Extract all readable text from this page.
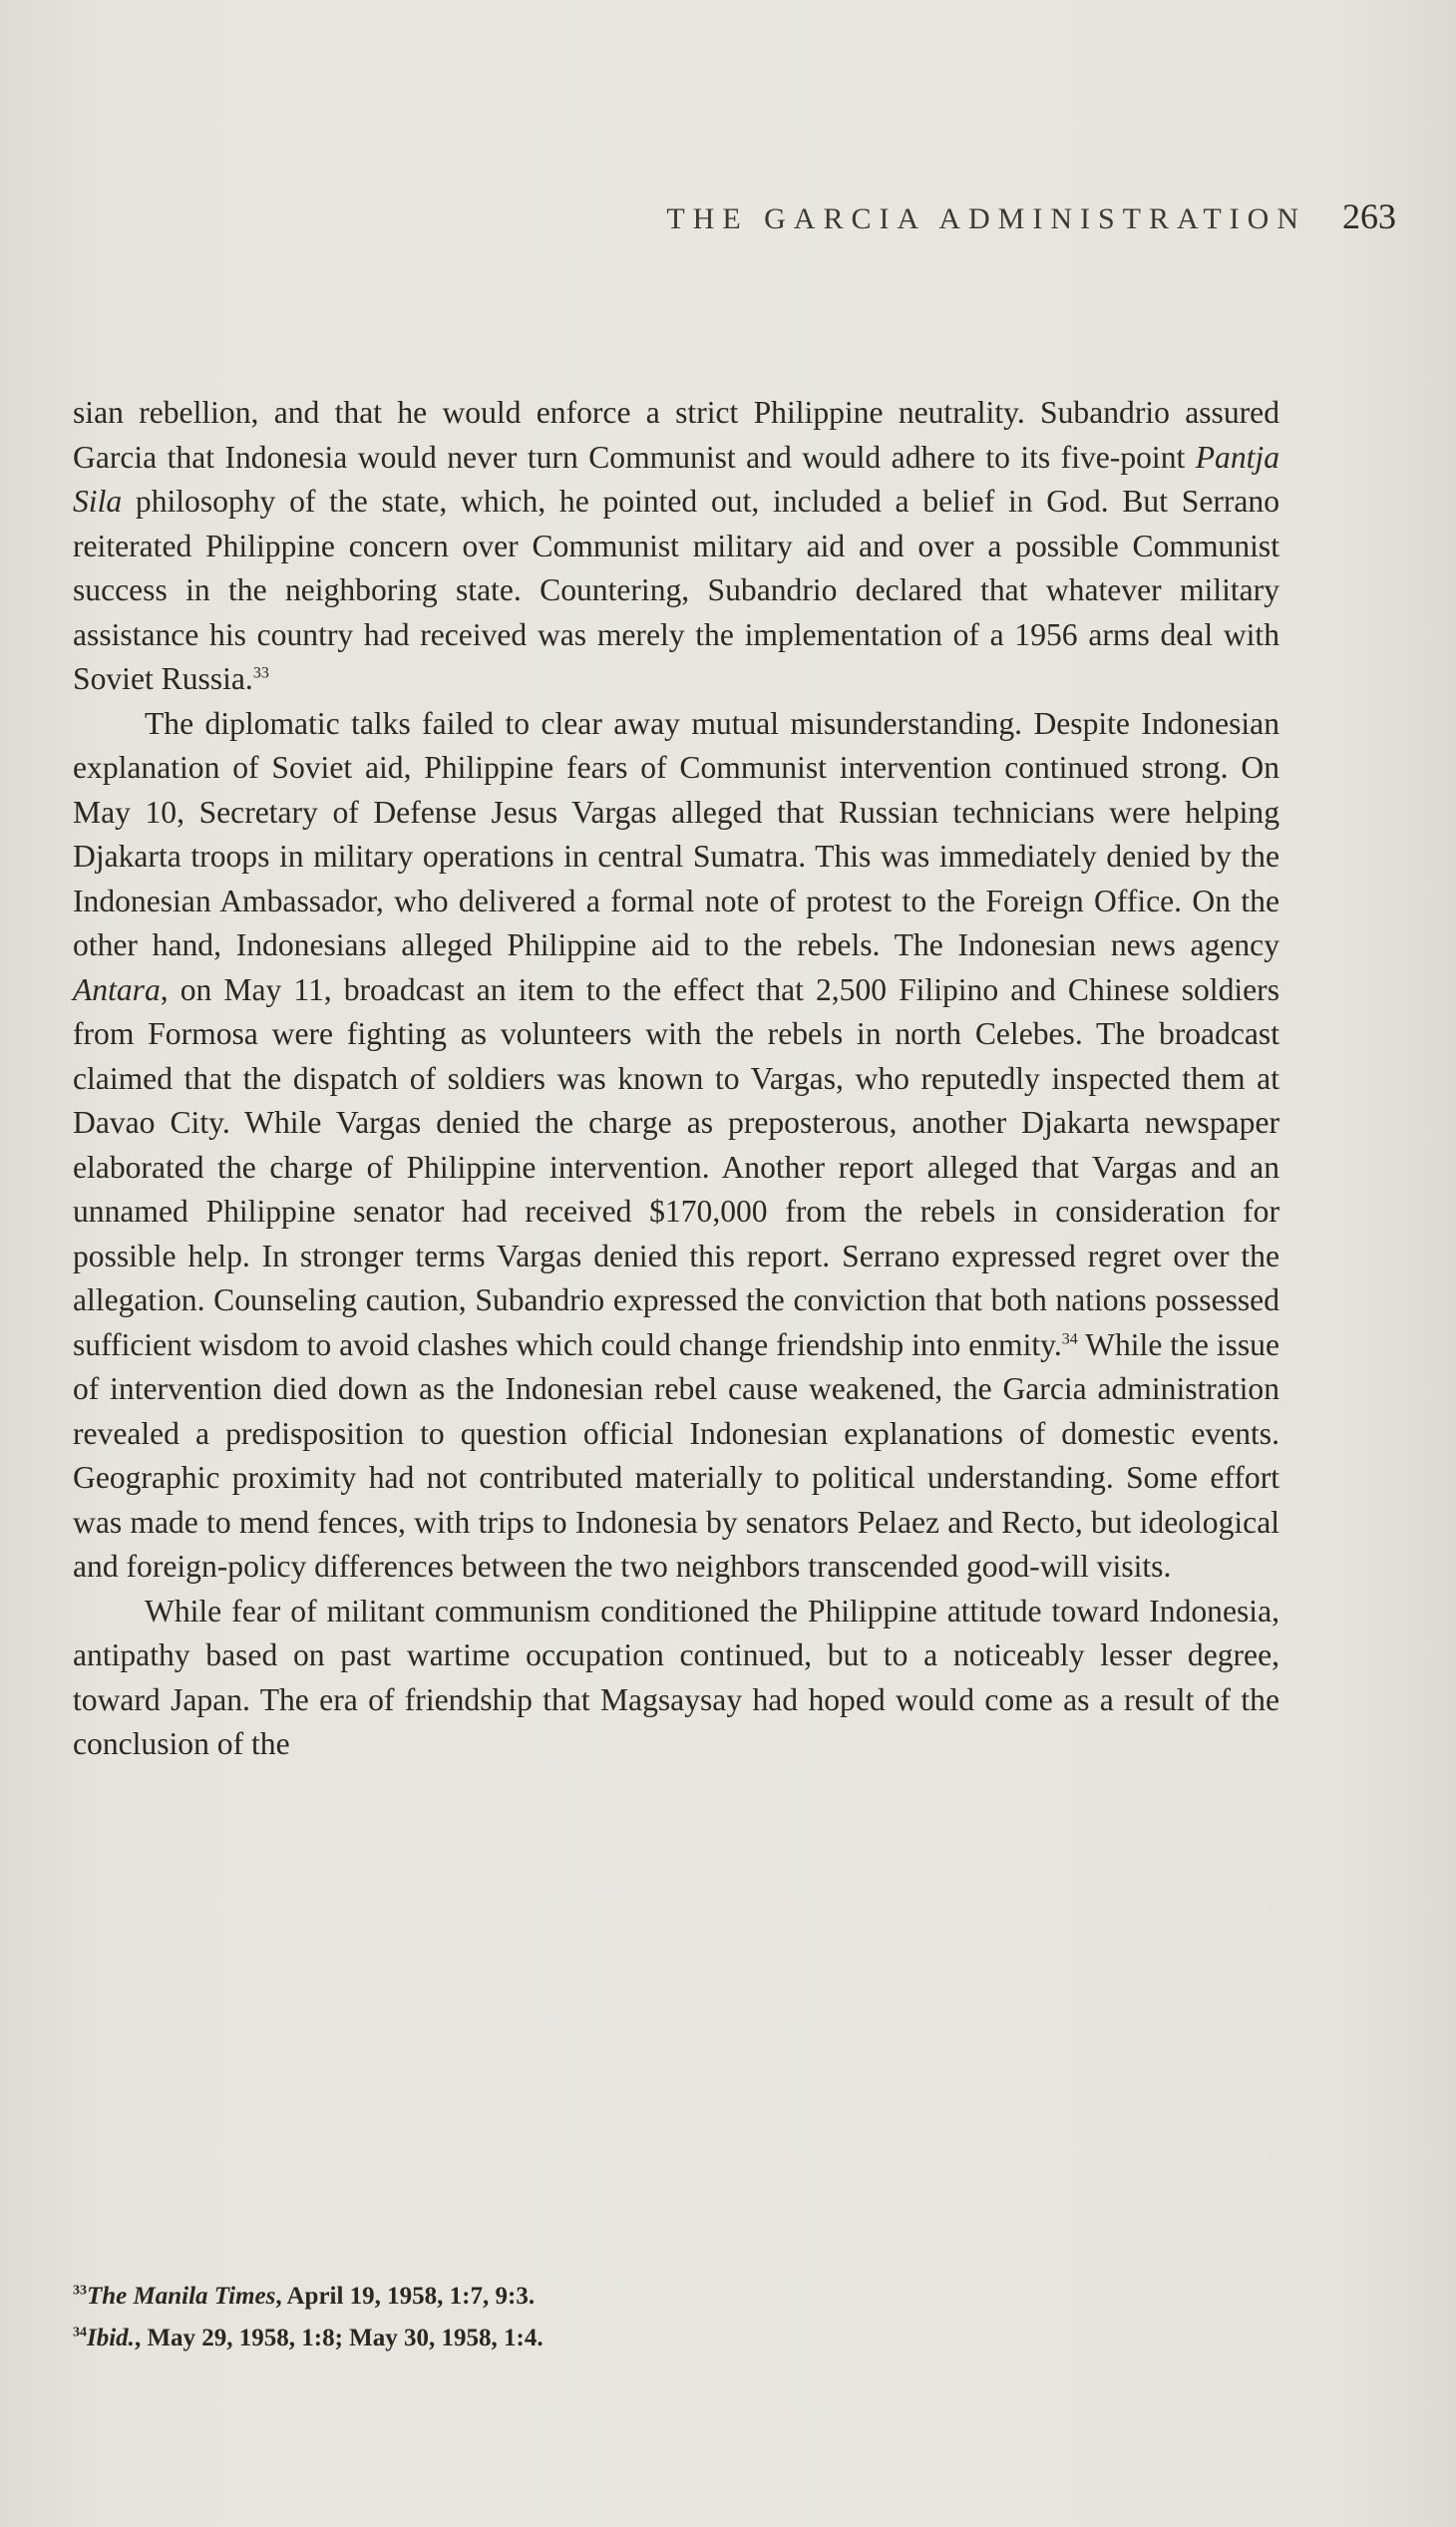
THE GARCIA ADMINISTRATION 263

sian rebellion, and that he would enforce a strict Philippine neutrality. Subandrio assured Garcia that Indonesia would never turn Communist and would adhere to its five-point Pantja Sila philosophy of the state, which, he pointed out, included a belief in God. But Serrano reiterated Philippine concern over Communist military aid and over a possible Communist success in the neighboring state. Countering, Subandrio declared that whatever military assistance his country had received was merely the implementation of a 1956 arms deal with Soviet Russia.$^{33}$

The diplomatic talks failed to clear away mutual misunderstanding. Despite Indonesian explanation of Soviet aid, Philippine fears of Communist intervention continued strong. On May 10, Secretary of Defense Jesus Vargas alleged that Russian technicians were helping Djakarta troops in military operations in central Sumatra. This was immediately denied by the Indonesian Ambassador, who delivered a formal note of protest to the Foreign Office. On the other hand, Indonesians alleged Philippine aid to the rebels. The Indonesian news agency Antara, on May 11, broadcast an item to the effect that 2,500 Filipino and Chinese soldiers from Formosa were fighting as volunteers with the rebels in north Celebes. The broadcast claimed that the dispatch of soldiers was known to Vargas, who reputedly inspected them at Davao City. While Vargas denied the charge as preposterous, another Djakarta newspaper elaborated the charge of Philippine intervention. Another report alleged that Vargas and an unnamed Philippine senator had received $170,000 from the rebels in consideration for possible help. In stronger terms Vargas denied this report. Serrano expressed regret over the allegation. Counseling caution, Subandrio expressed the conviction that both nations possessed sufficient wisdom to avoid clashes which could change friendship into enmity.$^{34}$ While the issue of intervention died down as the Indonesian rebel cause weakened, the Garcia administration revealed a predisposition to question official Indonesian explanations of domestic events. Geographic proximity had not contributed materially to political understanding. Some effort was made to mend fences, with trips to Indonesia by senators Pelaez and Recto, but ideological and foreign-policy differences between the two neighbors transcended good-will visits.

While fear of militant communism conditioned the Philippine attitude toward Indonesia, antipathy based on past wartime occupation continued, but to a noticeably lesser degree, toward Japan. The era of friendship that Magsaysay had hoped would come as a result of the conclusion of the

$^{33}$The Manila Times, April 19, 1958, 1:7, 9:3.
$^{34}$Ibid., May 29, 1958, 1:8; May 30, 1958, 1:4.
